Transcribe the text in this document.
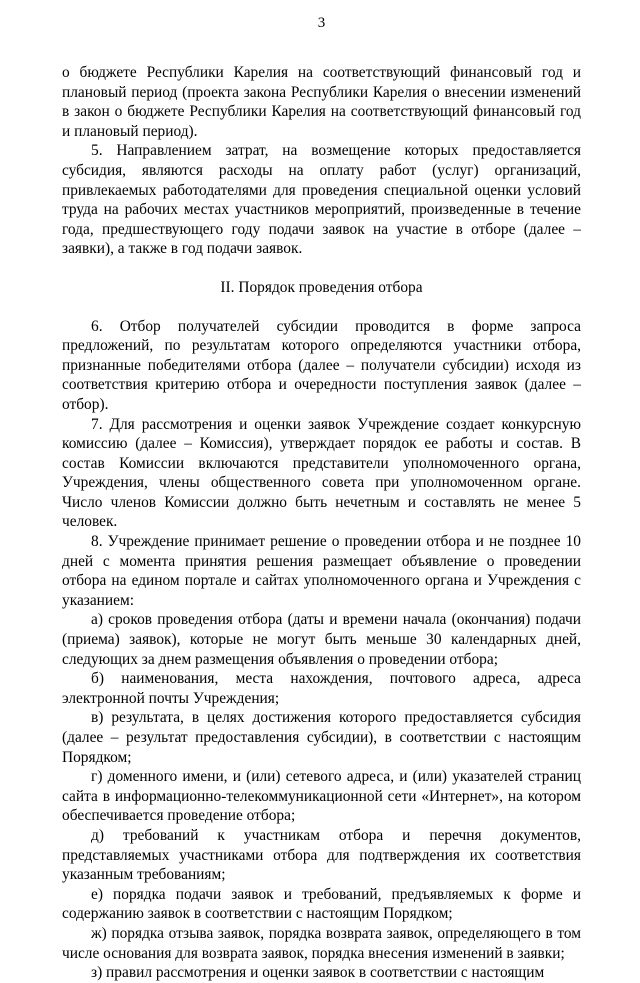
3

о бюджете Республики Карелия на соответствующий финансовый год и плановый период (проекта закона Республики Карелия о внесении изменений в закон о бюджете Республики Карелия на соответствующий финансовый год и плановый период).

5. Направлением затрат, на возмещение которых предоставляется субсидия, являются расходы на оплату работ (услуг) организаций, привлекаемых работодателями для проведения специальной оценки условий труда на рабочих местах участников мероприятий, произведенные в течение года, предшествующего году подачи заявок на участие в отборе (далее – заявки), а также в год подачи заявок.

II. Порядок проведения отбора

6. Отбор получателей субсидии проводится в форме запроса предложений, по результатам которого определяются участники отбора, признанные победителями отбора (далее – получатели субсидии) исходя из соответствия критерию отбора и очередности поступления заявок (далее – отбор).

7. Для рассмотрения и оценки заявок Учреждение создает конкурсную комиссию (далее – Комиссия), утверждает порядок ее работы и состав. В состав Комиссии включаются представители уполномоченного органа, Учреждения, члены общественного совета при уполномоченном органе. Число членов Комиссии должно быть нечетным и составлять не менее 5 человек.

8. Учреждение принимает решение о проведении отбора и не позднее 10 дней с момента принятия решения размещает объявление о проведении отбора на едином портале и сайтах уполномоченного органа и Учреждения с указанием:

а) сроков проведения отбора (даты и времени начала (окончания) подачи (приема) заявок), которые не могут быть меньше 30 календарных дней, следующих за днем размещения объявления о проведении отбора;

б) наименования, места нахождения, почтового адреса, адреса электронной почты Учреждения;

в) результата, в целях достижения которого предоставляется субсидия (далее – результат предоставления субсидии), в соответствии с настоящим Порядком;

г) доменного имени, и (или) сетевого адреса, и (или) указателей страниц сайта в информационно-телекоммуникационной сети «Интернет», на котором обеспечивается проведение отбора;

д) требований к участникам отбора и перечня документов, представляемых участниками отбора для подтверждения их соответствия указанным требованиям;

е) порядка подачи заявок и требований, предъявляемых к форме и содержанию заявок в соответствии с настоящим Порядком;

ж) порядка отзыва заявок, порядка возврата заявок, определяющего в том числе основания для возврата заявок, порядка внесения изменений в заявки;

з) правил рассмотрения и оценки заявок в соответствии с настоящим
